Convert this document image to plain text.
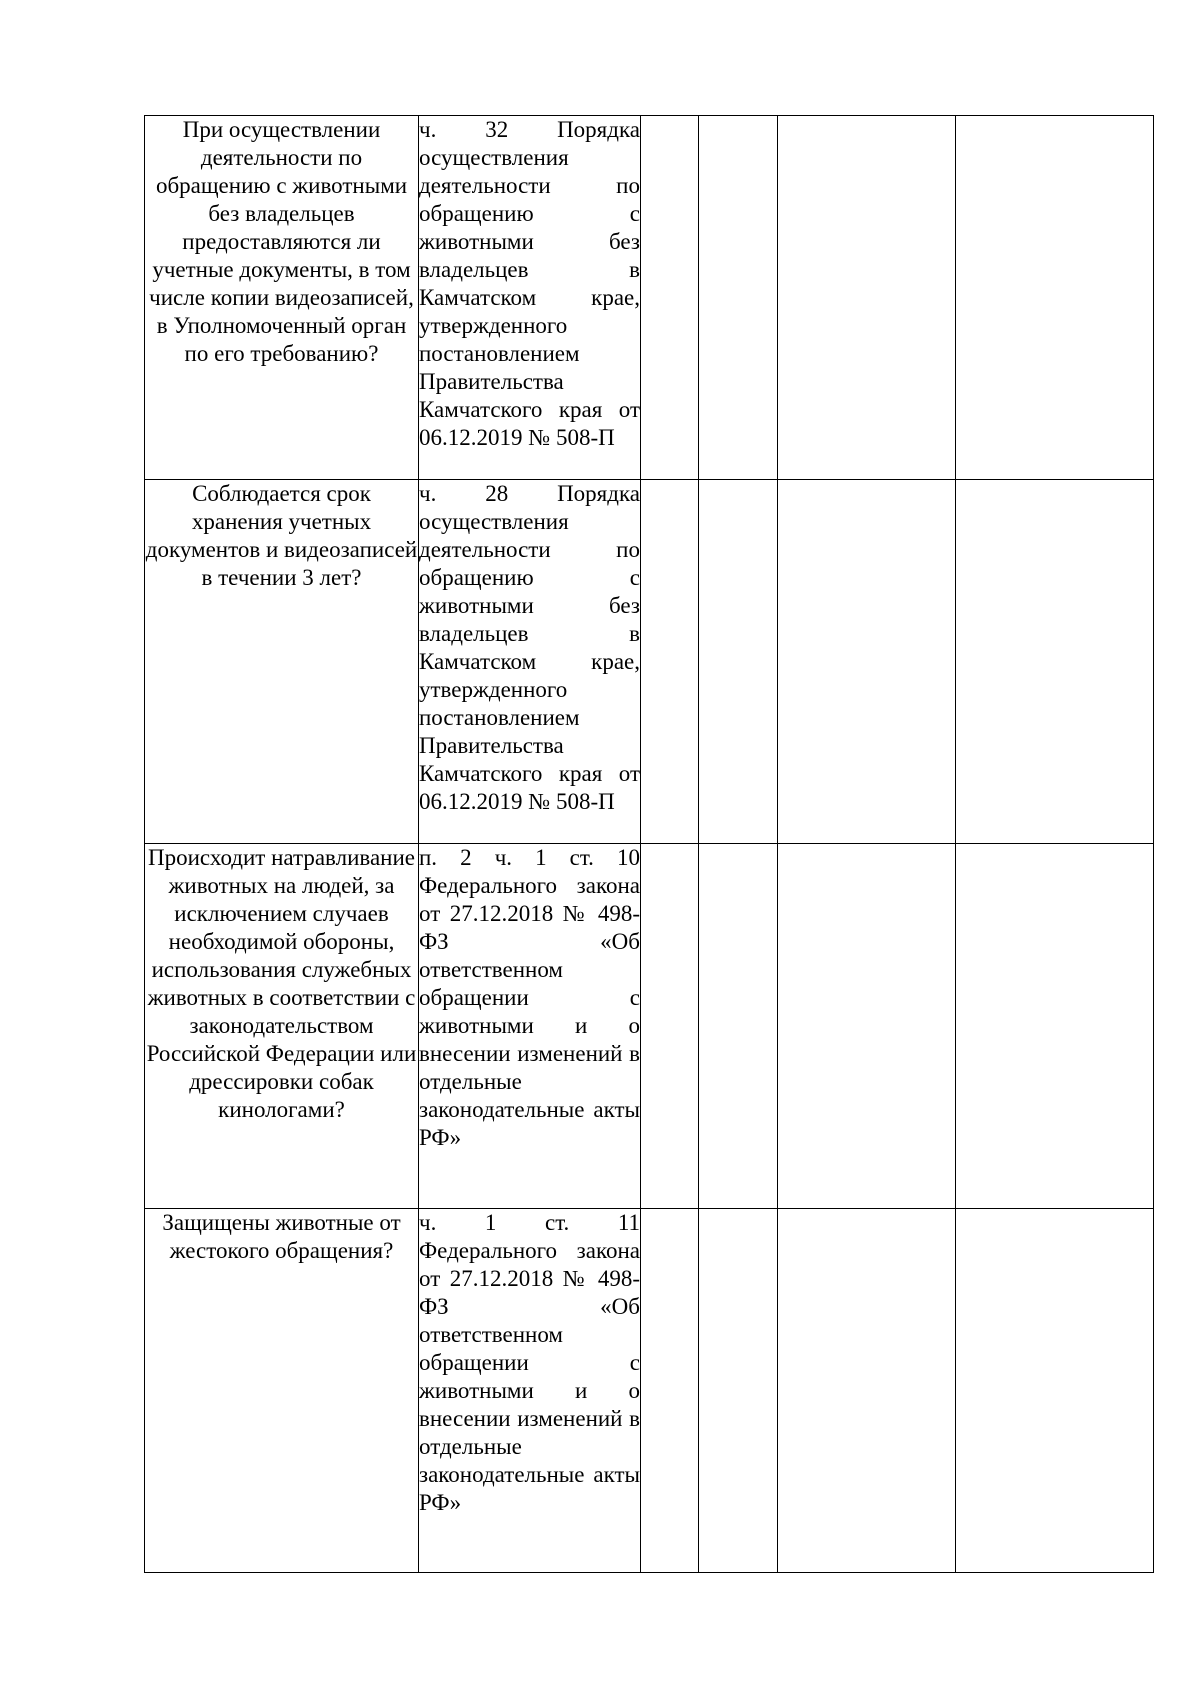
При осуществлении деятельности по обращению с животными без владельцев предоставляются ли учетные документы, в том числе копии видеозаписей, в Уполномоченный орган по его требованию?	ч. 32 Порядка осуществления деятельности по обращению с животными без владельцев в Камчатском крае, утвержденного постановлением Правительства Камчатского края от 06.12.2019 № 508-П				
Соблюдается срок хранения учетных документов и видеозаписей в течении 3 лет?	ч. 28 Порядка осуществления деятельности по обращению с животными без владельцев в Камчатском крае, утвержденного постановлением Правительства Камчатского края от 06.12.2019 № 508-П				
Происходит натравливание животных на людей, за исключением случаев необходимой обороны, использования служебных животных в соответствии с законодательством Российской Федерации или дрессировки собак кинологами?	п. 2 ч. 1 ст. 10 Федерального закона от 27.12.2018 № 498-ФЗ «Об ответственном обращении с животными и о внесении изменений в отдельные законодательные акты РФ»				
Защищены животные от жестокого обращения?	ч. 1 ст. 11 Федерального закона от 27.12.2018 № 498-ФЗ «Об ответственном обращении с животными и о внесении изменений в отдельные законодательные акты РФ»				
